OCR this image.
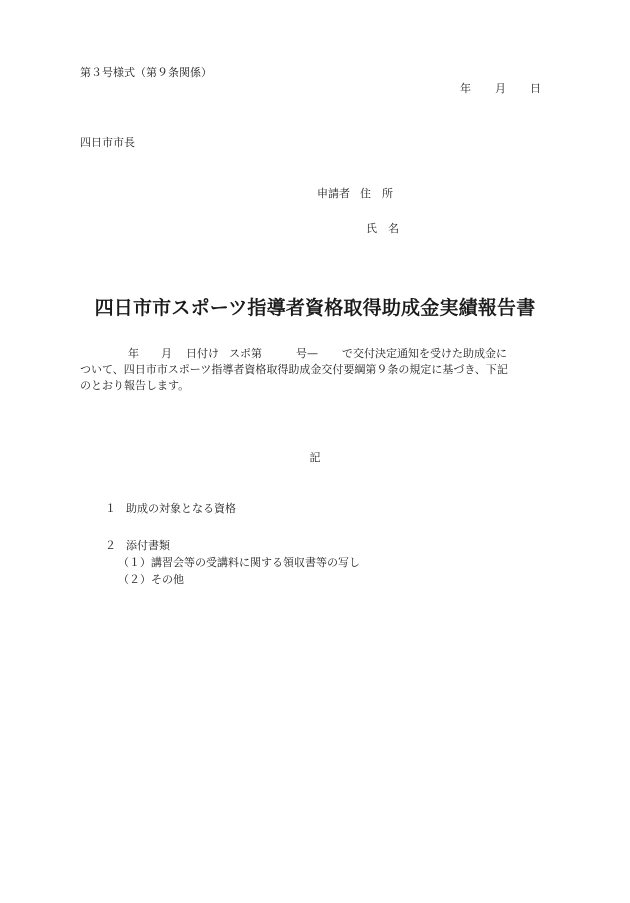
第３号様式（第９条関係）
年 月 日
四日市市長
申請者 住　所
氏　名
四日市市スポーツ指導者資格取得助成金実績報告書
年 月 日付け スポ第	号— で交付決定通知を受けた助成金に
ついて、四日市市スポーツ指導者資格取得助成金交付要綱第９条の規定に基づき、下記
のとおり報告します。
記
１ 助成の対象となる資格
２ 添付書類
（１）講習会等の受講料に関する領収書等の写し
（２）その他
